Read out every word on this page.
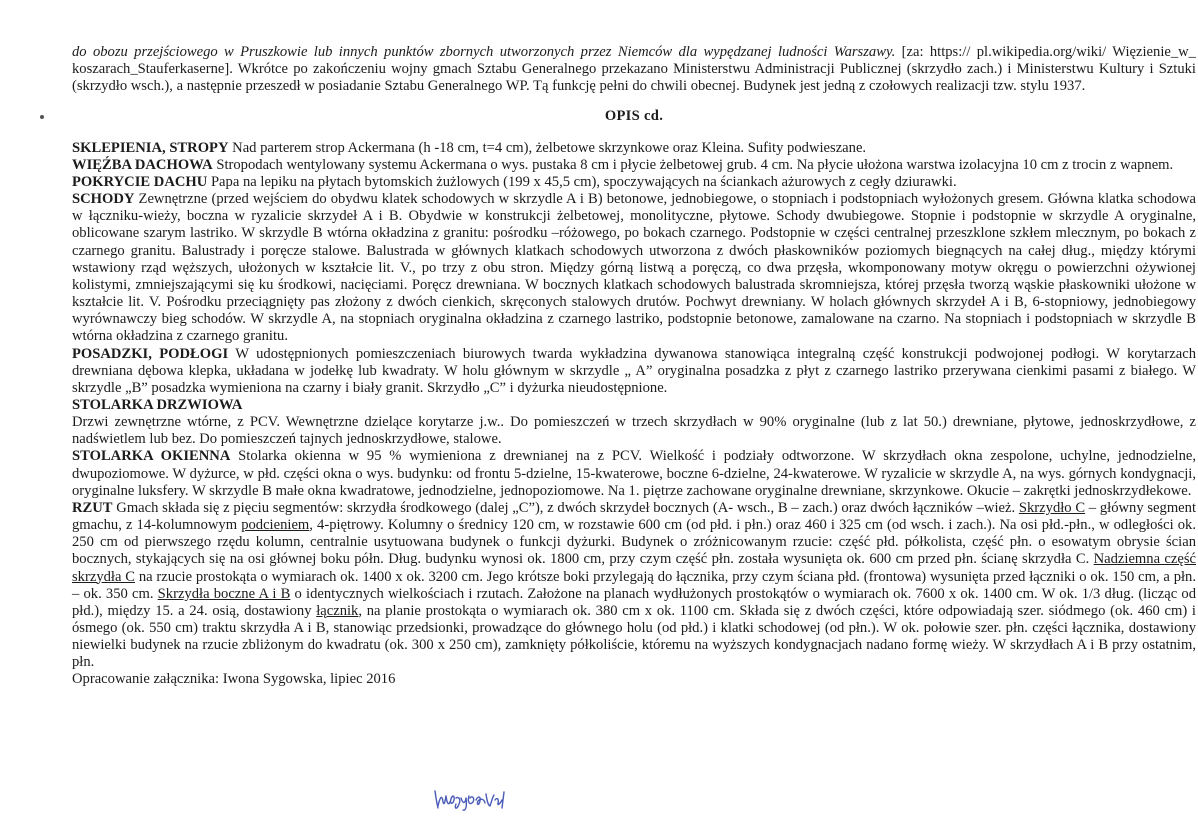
do obozu przejściowego w Pruszkowie lub innych punktów zbornych utworzonych przez Niemców dla wypędzanej ludności Warszawy. [za: https:// pl.wikipedia.org/wiki/ Więzienie_w_ koszarach_Stauferkaserne]. Wkrótce po zakończeniu wojny gmach Sztabu Generalnego przekazano Ministerstwu Administracji Publicznej (skrzydło zach.) i Ministerstwu Kultury i Sztuki (skrzydło wsch.), a następnie przeszedł w posiadanie Sztabu Generalnego WP. Tą funkcję pełni do chwili obecnej. Budynek jest jedną z czołowych realizacji tzw. stylu 1937.

OPIS cd.

SKLEPIENIA, STROPY Nad parterem strop Ackermana (h -18 cm, t=4 cm), żelbetowe skrzynkowe oraz Kleina. Sufity podwieszane.

WIĘŹBA DACHOWA Stropodach wentylowany systemu Ackermana o wys. pustaka 8 cm i płycie żelbetowej grub. 4 cm. Na płycie ułożona warstwa izolacyjna 10 cm z trocin z wapnem.

POKRYCIE DACHU Papa na lepiku na płytach bytomskich żużlowych (199 x 45,5 cm), spoczywających na ściankach ażurowych z cegły dziurawki.

SCHODY Zewnętrzne (przed wejściem do obydwu klatek schodowych w skrzydle A i B) betonowe, jednobiegowe, o stopniach i podstopniach wyłożonych gresem. Główna klatka schodowa w łączniku-wieży, boczna w ryzalicie skrzydeł A i B. Obydwie w konstrukcji żelbetowej, monolityczne, płytowe. Schody dwubiegowe. Stopnie i podstopnie w skrzydle A oryginalne, oblicowane szarym lastriko. W skrzydle B wtórna okładzina z granitu: pośrodku –różowego, po bokach czarnego. Podstopnie w części centralnej przeszklone szkłem mlecznym, po bokach z czarnego granitu. Balustrady i poręcze stalowe. Balustrada w głównych klatkach schodowych utworzona z dwóch płaskowników poziomych biegnących na całej dług., między którymi wstawiony rząd węższych, ułożonych w kształcie lit. V., po trzy z obu stron. Między górną listwą a poręczą, co dwa przęsła, wkomponowany motyw okręgu o powierzchni ożywionej kolistymi, zmniejszającymi się ku środkowi, nacięciami. Poręcz drewniana. W bocznych klatkach schodowych balustrada skromniejsza, której przęsła tworzą wąskie płaskowniki ułożone w kształcie lit. V. Pośrodku przeciągnięty pas złożony z dwóch cienkich, skręconych stalowych drutów. Pochwyt drewniany. W holach głównych skrzydeł A i B, 6-stopniowy, jednobiegowy wyrównawczy bieg schodów. W skrzydle A, na stopniach oryginalna okładzina z czarnego lastriko, podstopnie betonowe, zamalowane na czarno. Na stopniach i podstopniach w skrzydle B wtórna okładzina z czarnego granitu.

POSADZKI, PODŁOGI W udostępnionych pomieszczeniach biurowych twarda wykładzina dywanowa stanowiąca integralną część konstrukcji podwojonej podłogi. W korytarzach drewniana dębowa klepka, układana w jodełkę lub kwadraty. W holu głównym w skrzydle „ A” oryginalna posadzka z płyt z czarnego lastriko przerywana cienkimi pasami z białego. W skrzydle „B” posadzka wymieniona na czarny i biały granit. Skrzydło „C” i dyżurka nieudostępnione.

STOLARKA DRZWIOWA

Drzwi zewnętrzne wtórne, z PCV. Wewnętrzne dzielące korytarze j.w.. Do pomieszczeń w trzech skrzydłach w 90% oryginalne (lub z lat 50.) drewniane, płytowe, jednoskrzydłowe, z nadświetlem lub bez. Do pomieszczeń tajnych jednoskrzydłowe, stalowe.

STOLARKA OKIENNA Stolarka okienna w 95 % wymieniona z drewnianej na z PCV. Wielkość i podziały odtworzone. W skrzydłach okna zespolone, uchylne, jednodzielne, dwupoziomowe. W dyżurce, w płd. części okna o wys. budynku: od frontu 5-dzielne, 15-kwaterowe, boczne 6-dzielne, 24-kwaterowe. W ryzalicie w skrzydle A, na wys. górnych kondygnacji, oryginalne luksfery. W skrzydle B małe okna kwadratowe, jednodzielne, jednopoziomowe. Na 1. piętrze zachowane oryginalne drewniane, skrzynkowe. Okucie – zakrętki jednoskrzydłekowe.

RZUT Gmach składa się z pięciu segmentów: skrzydła środkowego (dalej „C”), z dwóch skrzydeł bocznych (A- wsch., B – zach.) oraz dwóch łączników –wież. Skrzydło C – główny segment gmachu, z 14-kolumnowym podcieniem, 4-piętrowy. Kolumny o średnicy 120 cm, w rozstawie 600 cm (od płd. i płn.) oraz 460 i 325 cm (od wsch. i zach.). Na osi płd.-płn., w odległości ok. 250 cm od pierwszego rzędu kolumn, centralnie usytuowana budynek o funkcji dyżurki. Budynek o zróżnicowanym rzucie: część płd. półkolista, część płn. o esowatym obrysie ścian bocznych, stykających się na osi głównej boku półn. Dług. budynku wynosi ok. 1800 cm, przy czym część płn. została wysunięta ok. 600 cm przed płn. ścianę skrzydła C. Nadziemna część skrzydła C na rzucie prostokąta o wymiarach ok. 1400 x ok. 3200 cm. Jego krótsze boki przylegają do łącznika, przy czym ściana płd. (frontowa) wysunięta przed łączniki o ok. 150 cm, a płn. – ok. 350 cm. Skrzydła boczne A i B o identycznych wielkościach i rzutach. Założone na planach wydłużonych prostokątów o wymiarach ok. 7600 x ok. 1400 cm. W ok. 1/3 dług. (licząc od płd.), między 15. a 24. osią, dostawiony łącznik, na planie prostokąta o wymiarach ok. 380 cm x ok. 1100 cm. Składa się z dwóch części, które odpowiadają szer. siódmego (ok. 460 cm) i ósmego (ok. 550 cm) traktu skrzydła A i B, stanowiąc przedsionki, prowadzące do głównego holu (od płd.) i klatki schodowej (od płn.). W ok. połowie szer. płn. części łącznika, dostawiony niewielki budynek na rzucie zbliżonym do kwadratu (ok. 300 x 250 cm), zamknięty półkoliście, któremu na wyższych kondygnacjach nadano formę wieży. W skrzydłach A i B przy ostatnim, płn.

Opracowanie załącznika: Iwona Sygowska, lipiec 2016
